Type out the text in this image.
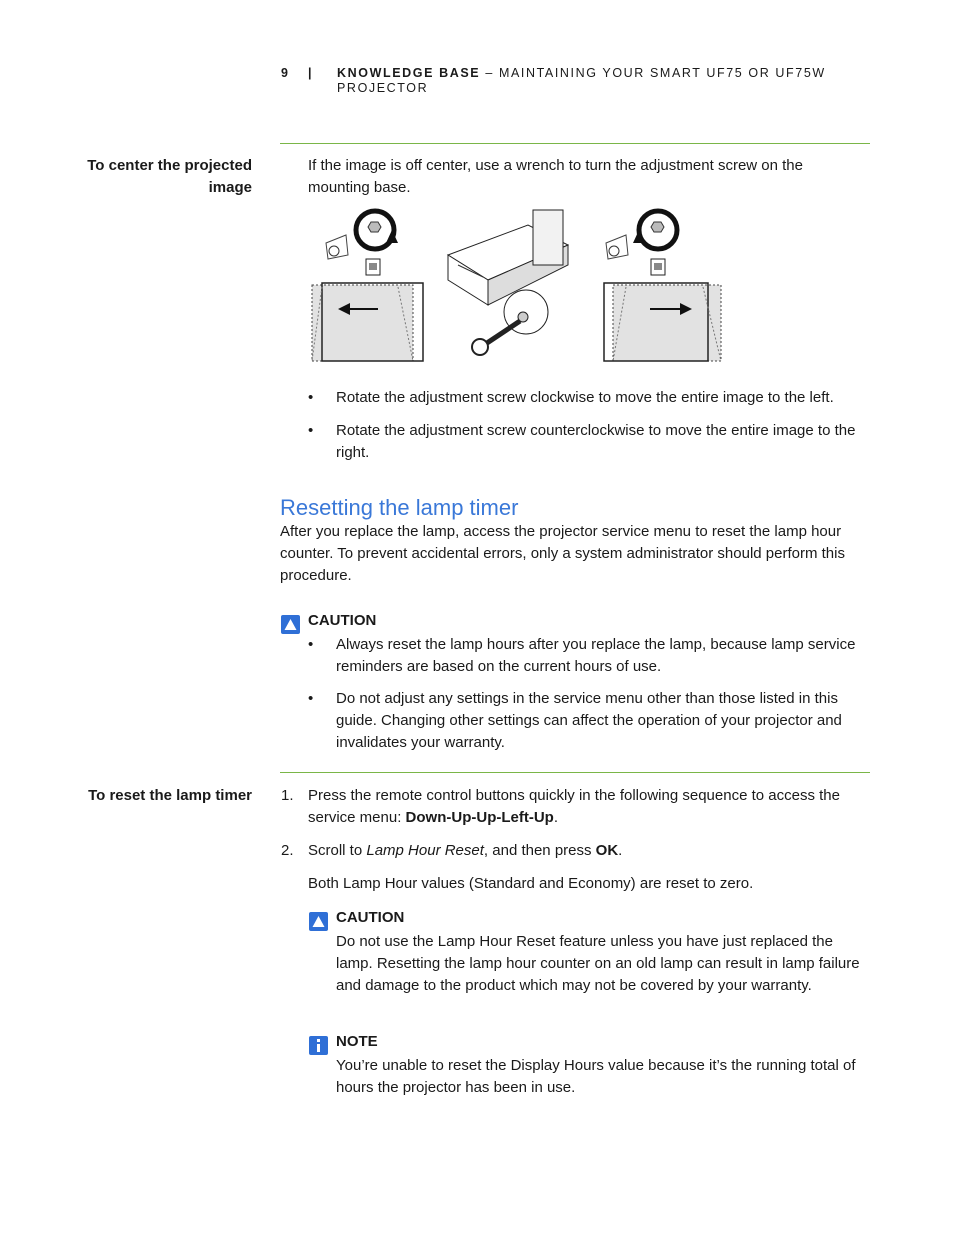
9 | KNOWLEDGE BASE – MAINTAINING YOUR SMART UF75 OR UF75W PROJECTOR
To center the projected image
If the image is off center, use a wrench to turn the adjustment screw on the mounting base.
• Rotate the adjustment screw clockwise to move the entire image to the left.
• Rotate the adjustment screw counterclockwise to move the entire image to the right.
Resetting the lamp timer
After you replace the lamp, access the projector service menu to reset the lamp hour counter. To prevent accidental errors, only a system administrator should perform this procedure.
CAUTION
• Always reset the lamp hours after you replace the lamp, because lamp service reminders are based on the current hours of use.
• Do not adjust any settings in the service menu other than those listed in this guide. Changing other settings can affect the operation of your projector and invalidates your warranty.
To reset the lamp timer 1. Press the remote control buttons quickly in the following sequence to access the service menu: Down-Up-Up-Left-Up.
2. Scroll to Lamp Hour Reset, and then press OK.
Both Lamp Hour values (Standard and Economy) are reset to zero.
CAUTION
Do not use the Lamp Hour Reset feature unless you have just replaced the lamp. Resetting the lamp hour counter on an old lamp can result in lamp failure and damage to the product which may not be covered by your warranty.
NOTE
You’re unable to reset the Display Hours value because it’s the running total of hours the projector has been in use.
